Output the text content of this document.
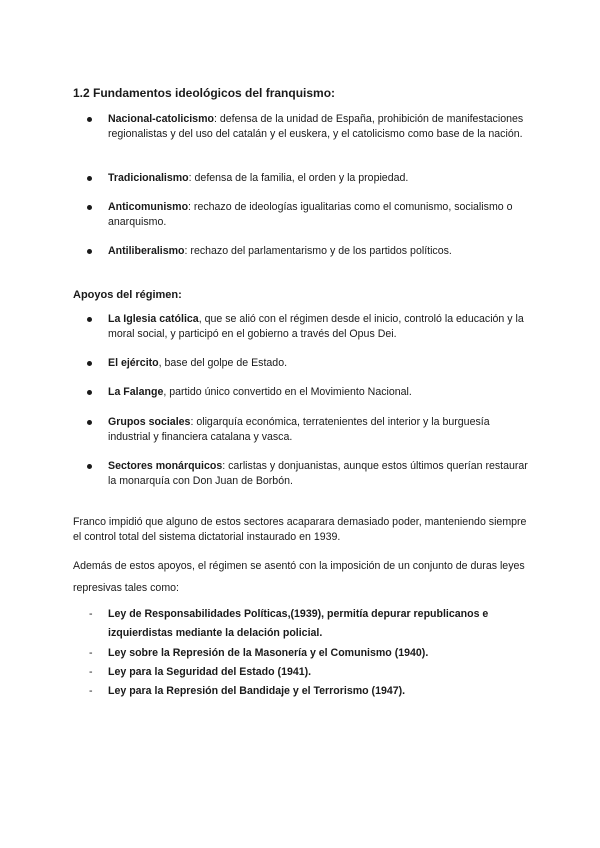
1.2 Fundamentos ideológicos del franquismo:
Nacional-catolicismo: defensa de la unidad de España, prohibición de manifestaciones regionalistas y del uso del catalán y el euskera, y el catolicismo como base de la nación.
Tradicionalismo: defensa de la familia, el orden y la propiedad.
Anticomunismo: rechazo de ideologías igualitarias como el comunismo, socialismo o anarquismo.
Antiliberalismo: rechazo del parlamentarismo y de los partidos políticos.
Apoyos del régimen:
La Iglesia católica, que se alió con el régimen desde el inicio, controló la educación y la moral social, y participó en el gobierno a través del Opus Dei.
El ejército, base del golpe de Estado.
La Falange, partido único convertido en el Movimiento Nacional.
Grupos sociales: oligarquía económica, terratenientes del interior y la burguesía industrial y financiera catalana y vasca.
Sectores monárquicos: carlistas y donjuanistas, aunque estos últimos querían restaurar la monarquía con Don Juan de Borbón.
Franco impidió que alguno de estos sectores acaparara demasiado poder, manteniendo siempre el control total del sistema dictatorial instaurado en 1939.
Además de estos apoyos, el régimen se asentó con la imposición de un conjunto de duras leyes represivas tales como:
- Ley de Responsabilidades Políticas,(1939), permitía depurar republicanos e izquierdistas mediante la delación policial.
- Ley sobre la Represión de la Masonería y el Comunismo (1940).
- Ley para la Seguridad del Estado (1941).
- Ley para la Represión del Bandidaje y el Terrorismo (1947).
